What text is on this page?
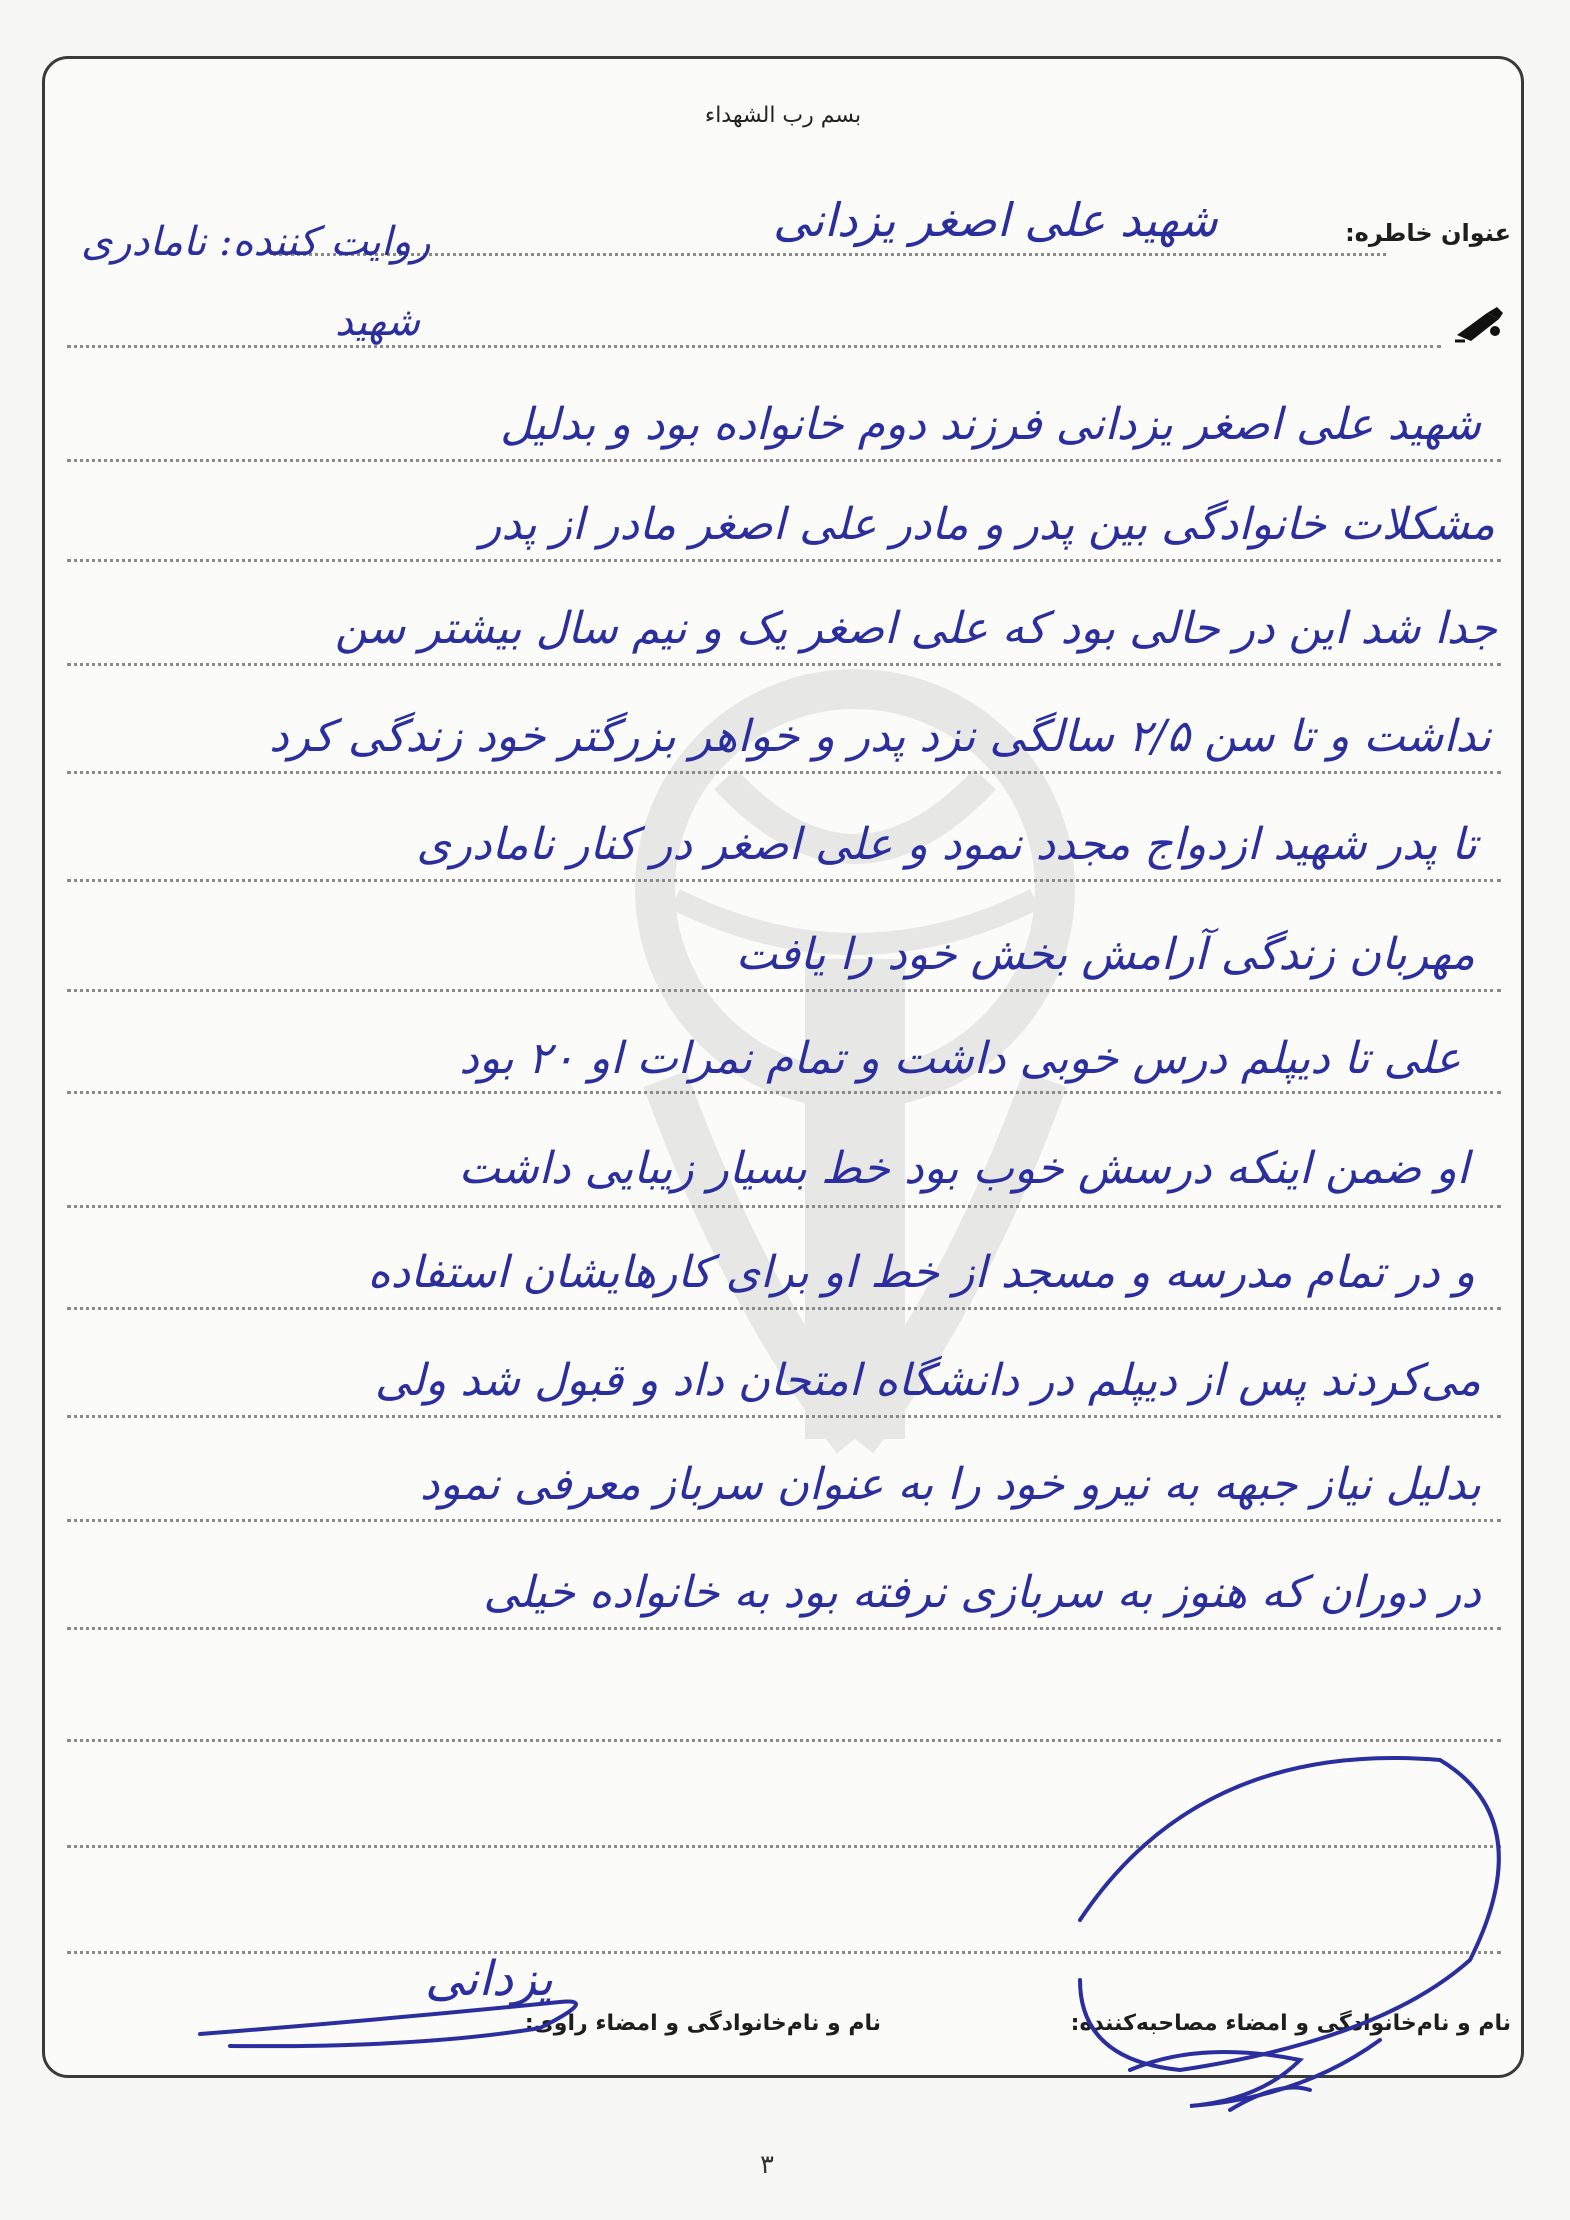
بسم رب الشهداء
عنوان خاطره:
شهید علی اصغر یزدانی
روایت کننده: نامادری
شهید
شهید علی اصغر یزدانی فرزند دوم خانواده بود و بدلیل
مشکلات خانوادگی بین پدر و مادر علی اصغر مادر از پدر
جدا شد این در حالی بود که علی اصغر یک و نیم سال بیشتر سن
نداشت و تا سن ۲/۵ سالگی نزد پدر و خواهر بزرگتر خود زندگی کرد
تا پدر شهید ازدواج مجدد نمود و علی اصغر در کنار نامادری
مهربان زندگی آرامش بخش خود را یافت
علی تا دیپلم درس خوبی داشت و تمام نمرات او ۲۰ بود
او ضمن اینکه درسش خوب بود خط بسیار زیبایی داشت
و در تمام مدرسه و مسجد از خط او برای کارهایشان استفاده
می‌کردند پس از دیپلم در دانشگاه امتحان داد و قبول شد ولی
بدلیل نیاز جبهه به نیرو خود را به عنوان سرباز معرفی نمود
در دوران که هنوز به سربازی نرفته بود به خانواده خیلی
یزدانی
نام و نام‌خانوادگی و امضاء مصاحبه‌کننده:
نام و نام‌خانوادگی و امضاء راوی:
۳
